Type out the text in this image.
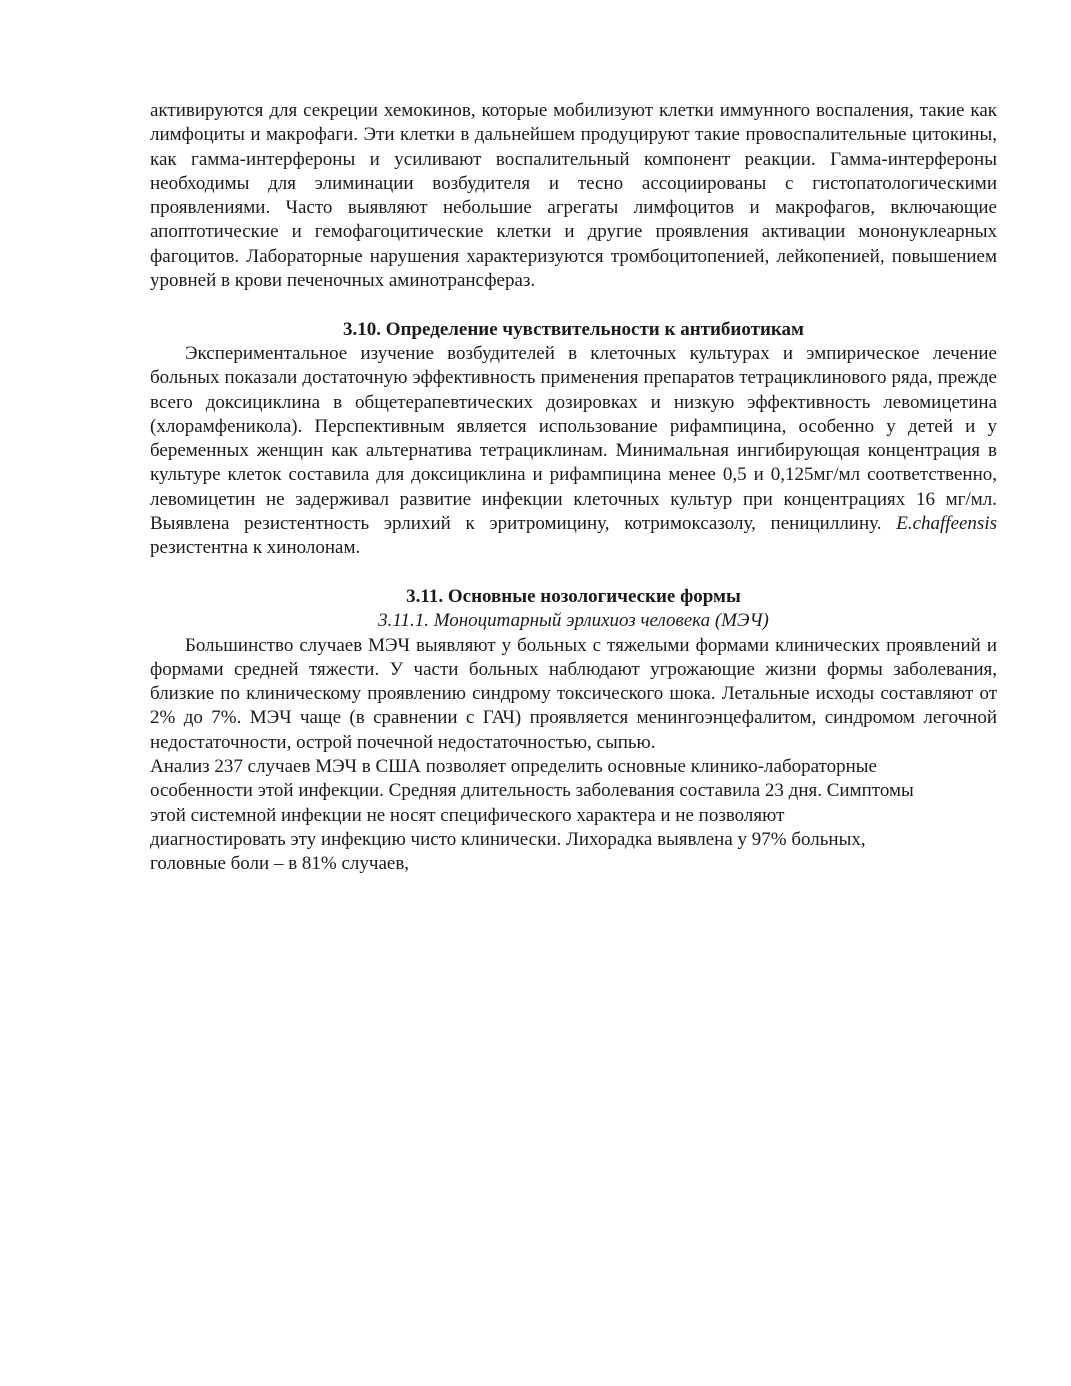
активируются для секреции хемокинов, которые мобилизуют клетки иммунного воспаления, такие как лимфоциты и макрофаги. Эти клетки в дальнейшем продуцируют такие провоспалительные цитокины, как гамма-интерфероны и усиливают воспалительный компонент реакции. Гамма-интерфероны необходимы для элиминации возбудителя и тесно ассоциированы с гистопатологическими проявлениями. Часто выявляют небольшие агрегаты лимфоцитов и макрофагов, включающие апоптотические и гемофагоцитические клетки и другие проявления активации мононуклеарных фагоцитов. Лабораторные нарушения характеризуются тромбоцитопенией, лейкопенией, повышением уровней в крови печеночных аминотрансфераз.

3.10. Определение чувствительности к антибиотикам

Экспериментальное изучение возбудителей в клеточных культурах и эмпирическое лечение больных показали достаточную эффективность применения препаратов тетрациклинового ряда, прежде всего доксициклина в общетерапевтических дозировках и низкую эффективность левомицетина (хлорамфеникола). Перспективным является использование рифампицина, особенно у детей и у беременных женщин как альтернатива тетрациклинам. Минимальная ингибирующая концентрация в культуре клеток составила для доксициклина и рифампицина менее 0,5 и 0,125мг/мл соответственно, левомицетин не задерживал развитие инфекции клеточных культур при концентрациях 16 мг/мл. Выявлена резистентность эрлихий к эритромицину, котримоксазолу, пенициллину. E.chaffeensis резистентна к хинолонам.

3.11. Основные нозологические формы
3.11.1. Моноцитарный эрлихиоз человека (МЭЧ)

Большинство случаев МЭЧ выявляют у больных с тяжелыми формами клинических проявлений и формами средней тяжести. У части больных наблюдают угрожающие жизни формы заболевания, близкие по клиническому проявлению синдрому токсического шока. Летальные исходы составляют от 2% до 7%. МЭЧ чаще (в сравнении с ГАЧ) проявляется менингоэнцефалитом, синдромом легочной недостаточности, острой почечной недостаточностью, сыпью.

Анализ 237 случаев МЭЧ в США позволяет определить основные клинико-лабораторные
особенности этой инфекции. Средняя длительность заболевания составила 23 дня. Симптомы
этой системной инфекции не носят специфического характера и не позволяют
диагностировать эту инфекцию чисто клинически. Лихорадка выявлена у 97% больных,
головные боли – в 81% случаев,
